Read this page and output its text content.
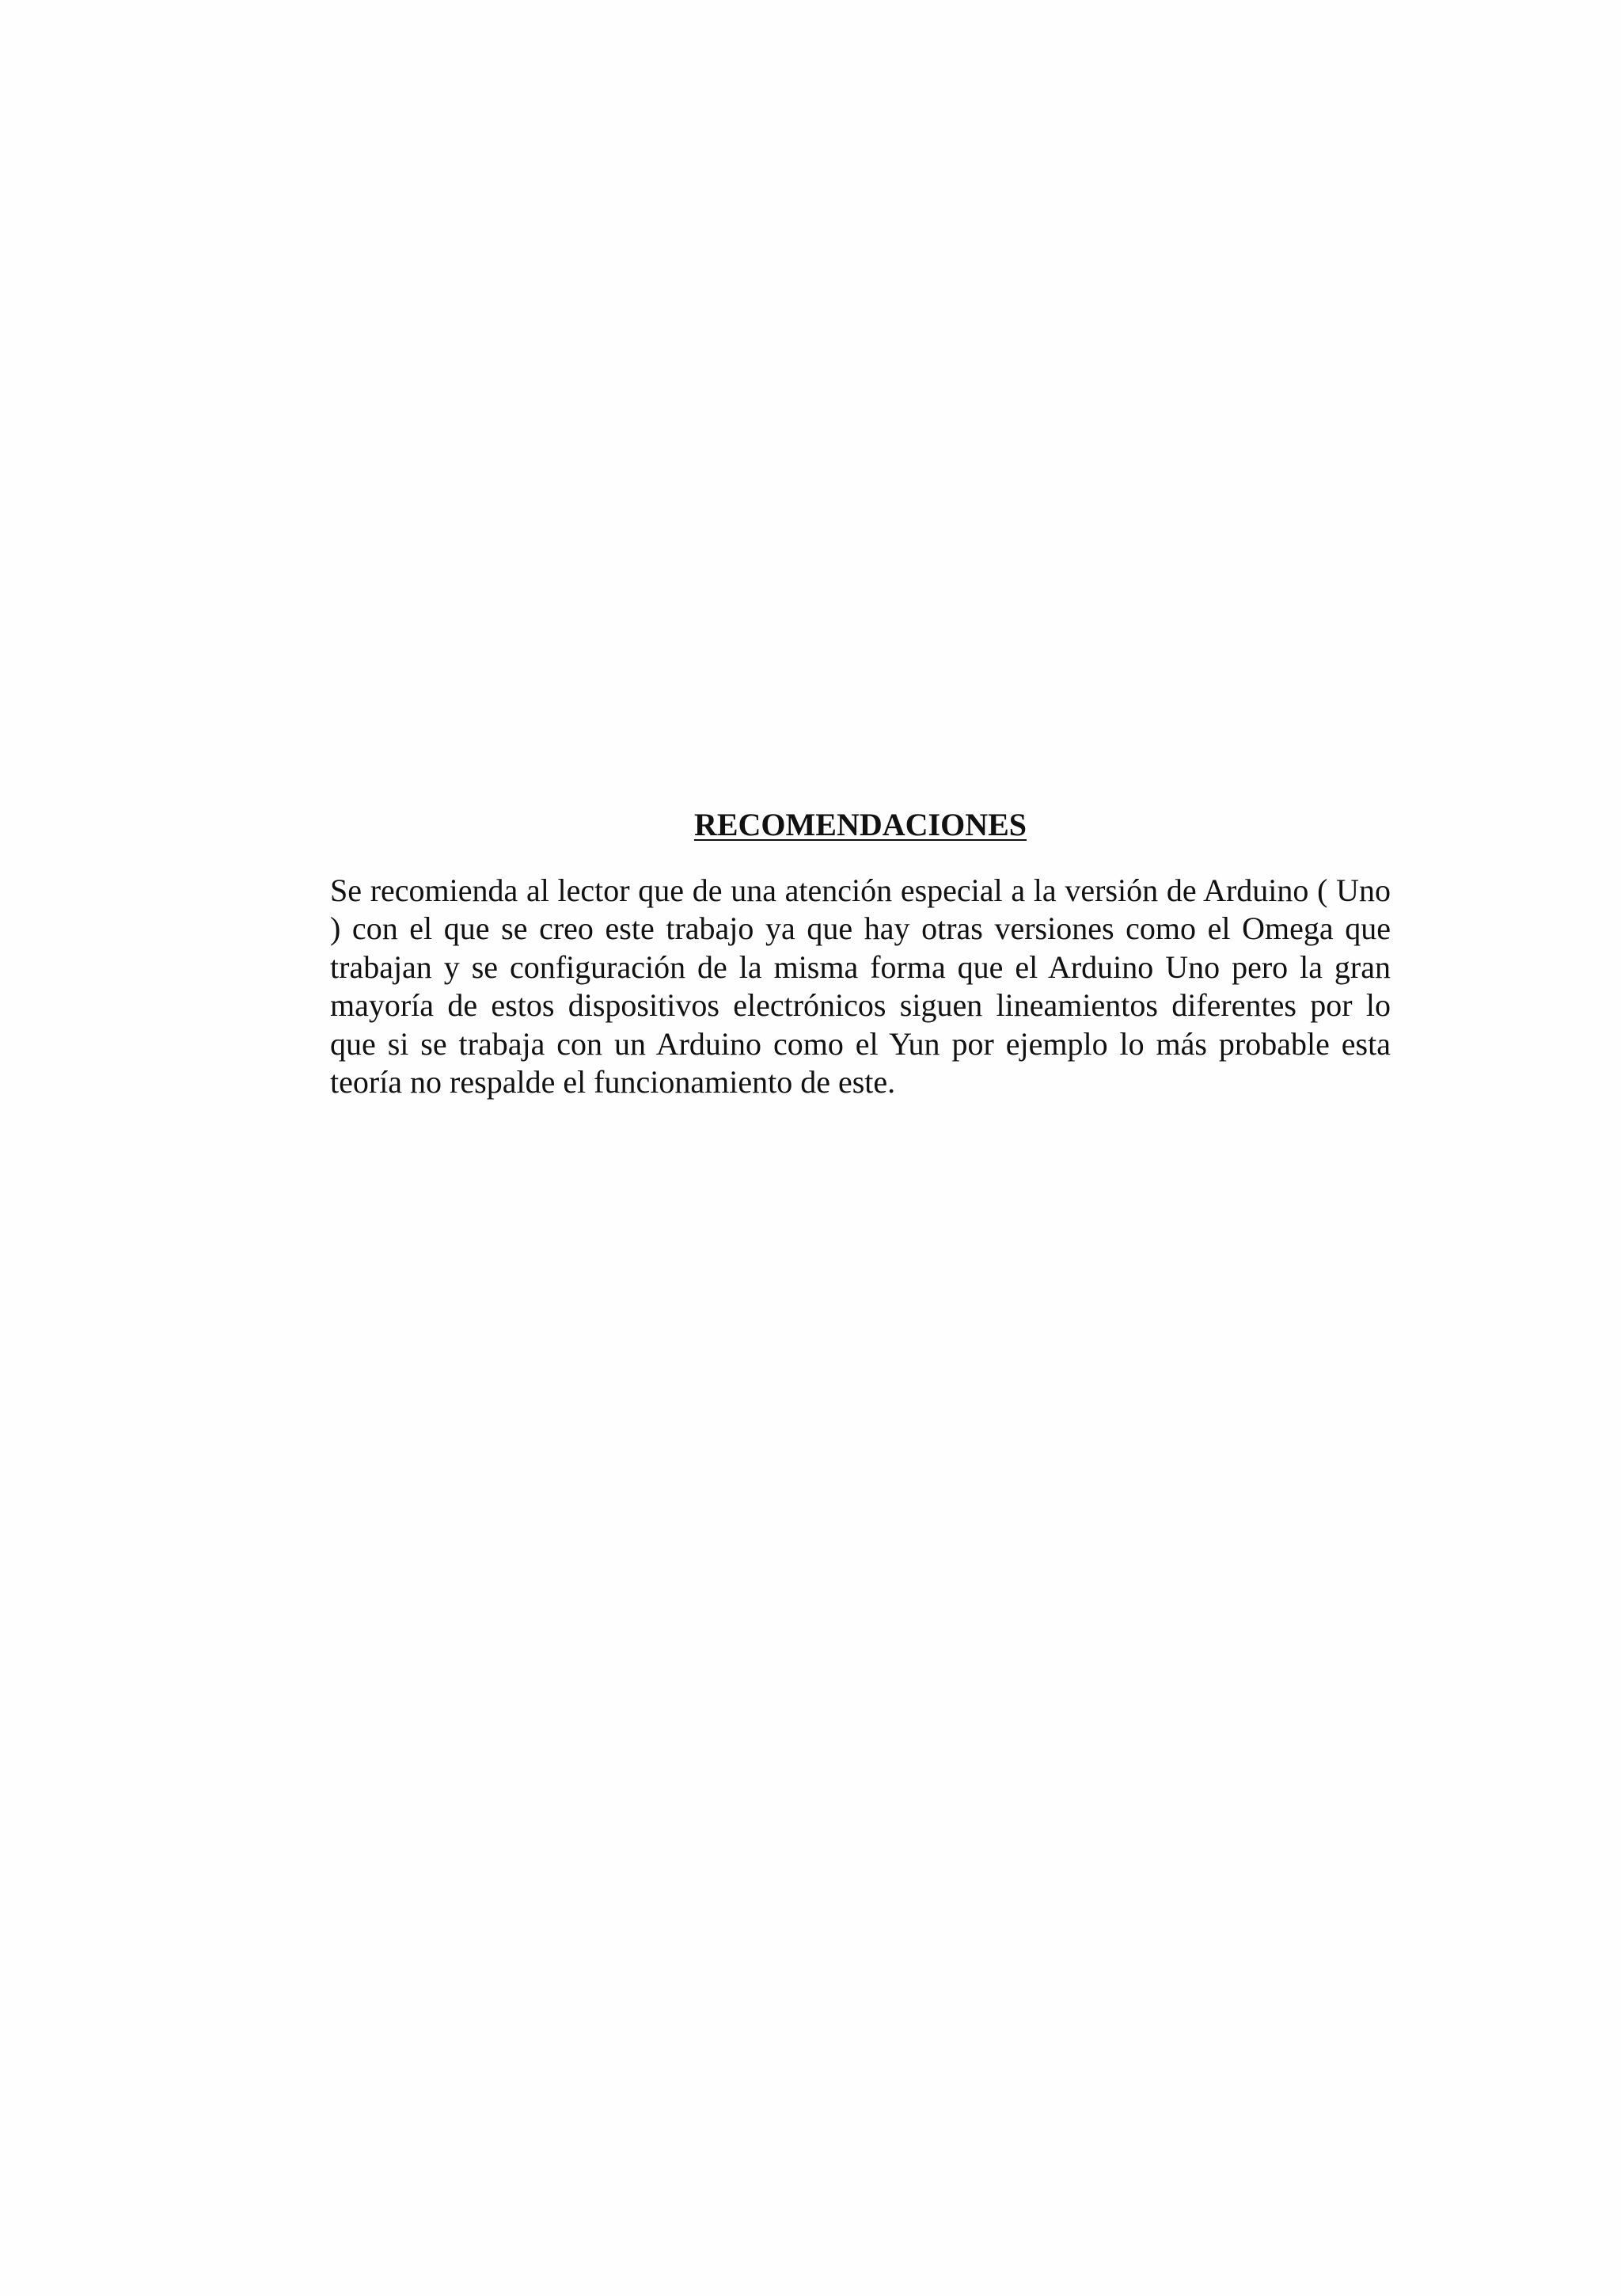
RECOMENDACIONES

Se recomienda al lector que de una atención especial a la versión de Arduino ( Uno ) con el que se creo este trabajo ya que hay otras versiones como el Omega que trabajan y se configuración de la misma forma que el Arduino Uno pero la gran mayoría de estos dispositivos electrónicos siguen lineamientos diferentes por lo que si se trabaja con un Arduino como el Yun por ejemplo lo más probable esta teoría no respalde el funcionamiento de este.
